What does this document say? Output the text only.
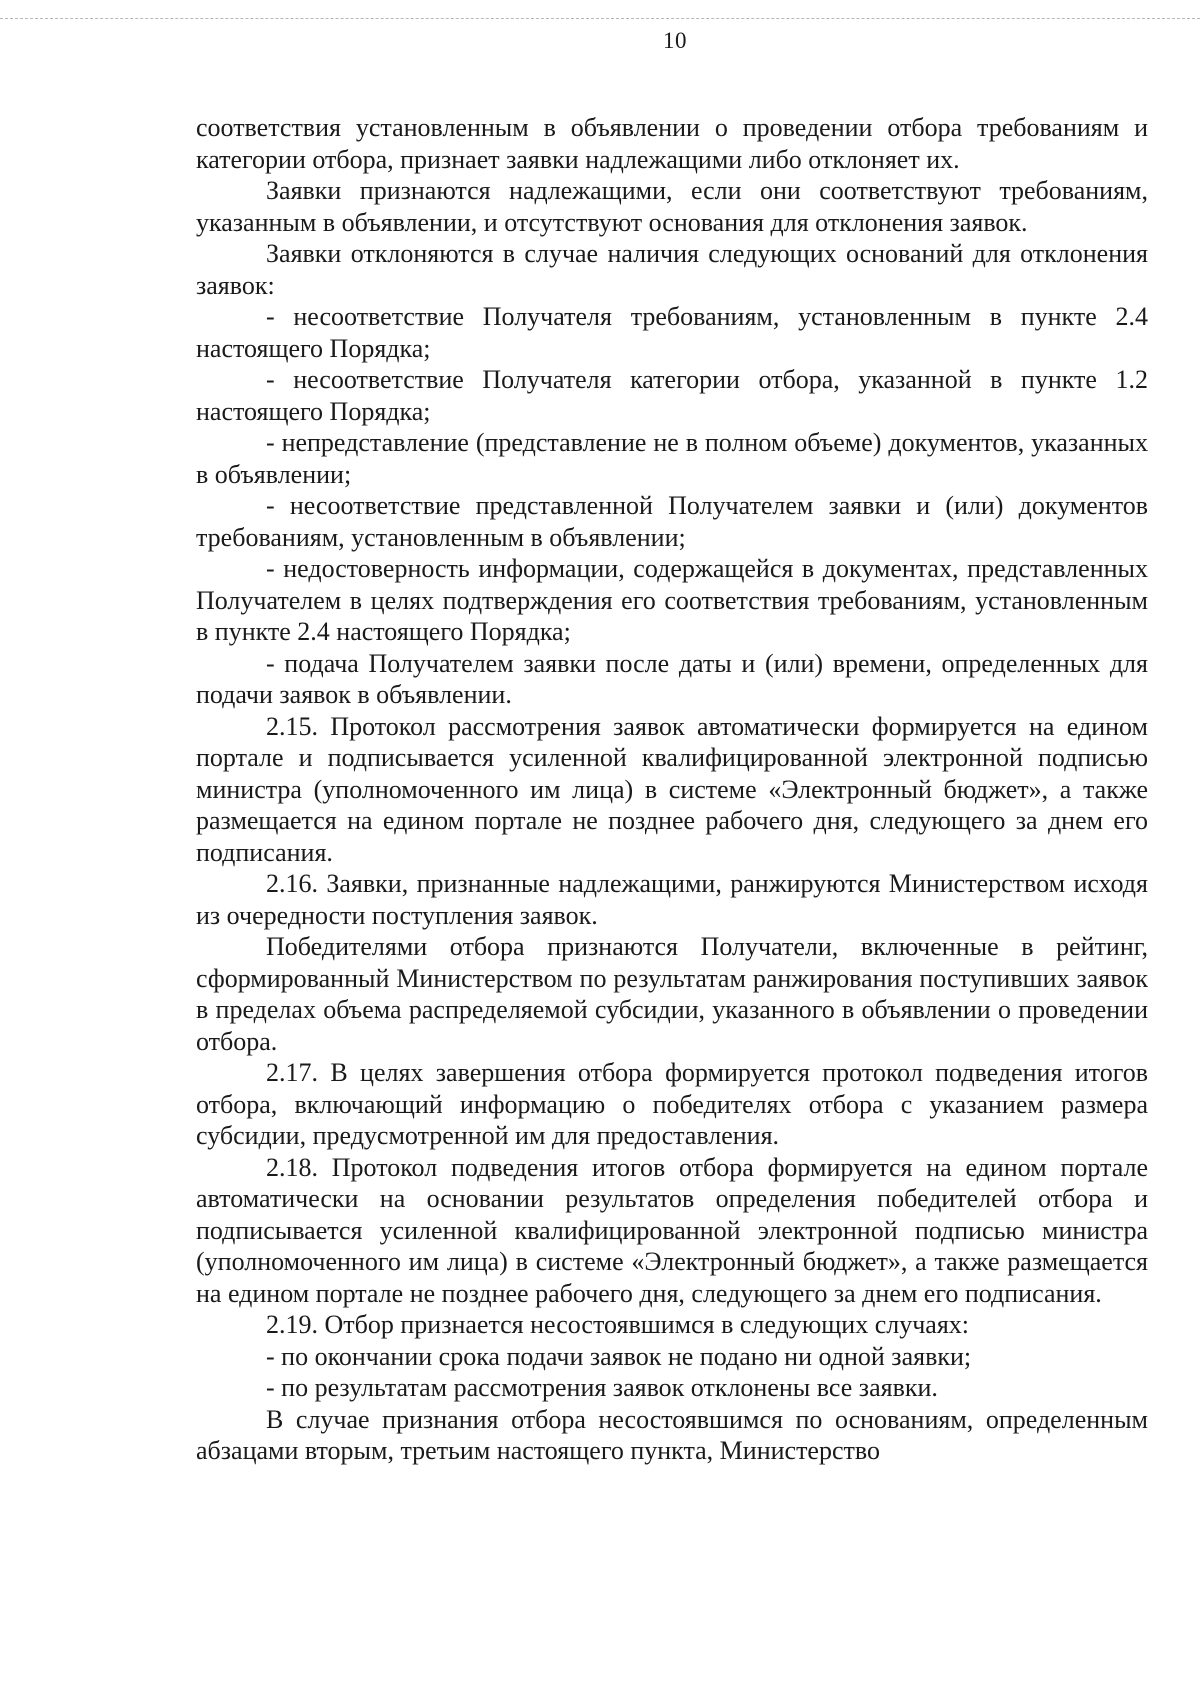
10

соответствия установленным в объявлении о проведении отбора требованиям и категории отбора, признает заявки надлежащими либо отклоняет их.

Заявки признаются надлежащими, если они соответствуют требованиям, указанным в объявлении, и отсутствуют основания для отклонения заявок.

Заявки отклоняются в случае наличия следующих оснований для отклонения заявок:

- несоответствие Получателя требованиям, установленным в пункте 2.4 настоящего Порядка;

- несоответствие Получателя категории отбора, указанной в пункте 1.2 настоящего Порядка;

- непредставление (представление не в полном объеме) документов, указанных в объявлении;

- несоответствие представленной Получателем заявки и (или) документов требованиям, установленным в объявлении;

- недостоверность информации, содержащейся в документах, представленных Получателем в целях подтверждения его соответствия требованиям, установленным в пункте 2.4 настоящего Порядка;

- подача Получателем заявки после даты и (или) времени, определенных для подачи заявок в объявлении.

2.15. Протокол рассмотрения заявок автоматически формируется на едином портале и подписывается усиленной квалифицированной электронной подписью министра (уполномоченного им лица) в системе «Электронный бюджет», а также размещается на едином портале не позднее рабочего дня, следующего за днем его подписания.

2.16. Заявки, признанные надлежащими, ранжируются Министерством исходя из очередности поступления заявок.

Победителями отбора признаются Получатели, включенные в рейтинг, сформированный Министерством по результатам ранжирования поступивших заявок в пределах объема распределяемой субсидии, указанного в объявлении о проведении отбора.

2.17. В целях завершения отбора формируется протокол подведения итогов отбора, включающий информацию о победителях отбора с указанием размера субсидии, предусмотренной им для предоставления.

2.18. Протокол подведения итогов отбора формируется на едином портале автоматически на основании результатов определения победителей отбора и подписывается усиленной квалифицированной электронной подписью министра (уполномоченного им лица) в системе «Электронный бюджет», а также размещается на едином портале не позднее рабочего дня, следующего за днем его подписания.

2.19. Отбор признается несостоявшимся в следующих случаях:

- по окончании срока подачи заявок не подано ни одной заявки;

- по результатам рассмотрения заявок отклонены все заявки.

В случае признания отбора несостоявшимся по основаниям, определенным абзацами вторым, третьим настоящего пункта, Министерство
